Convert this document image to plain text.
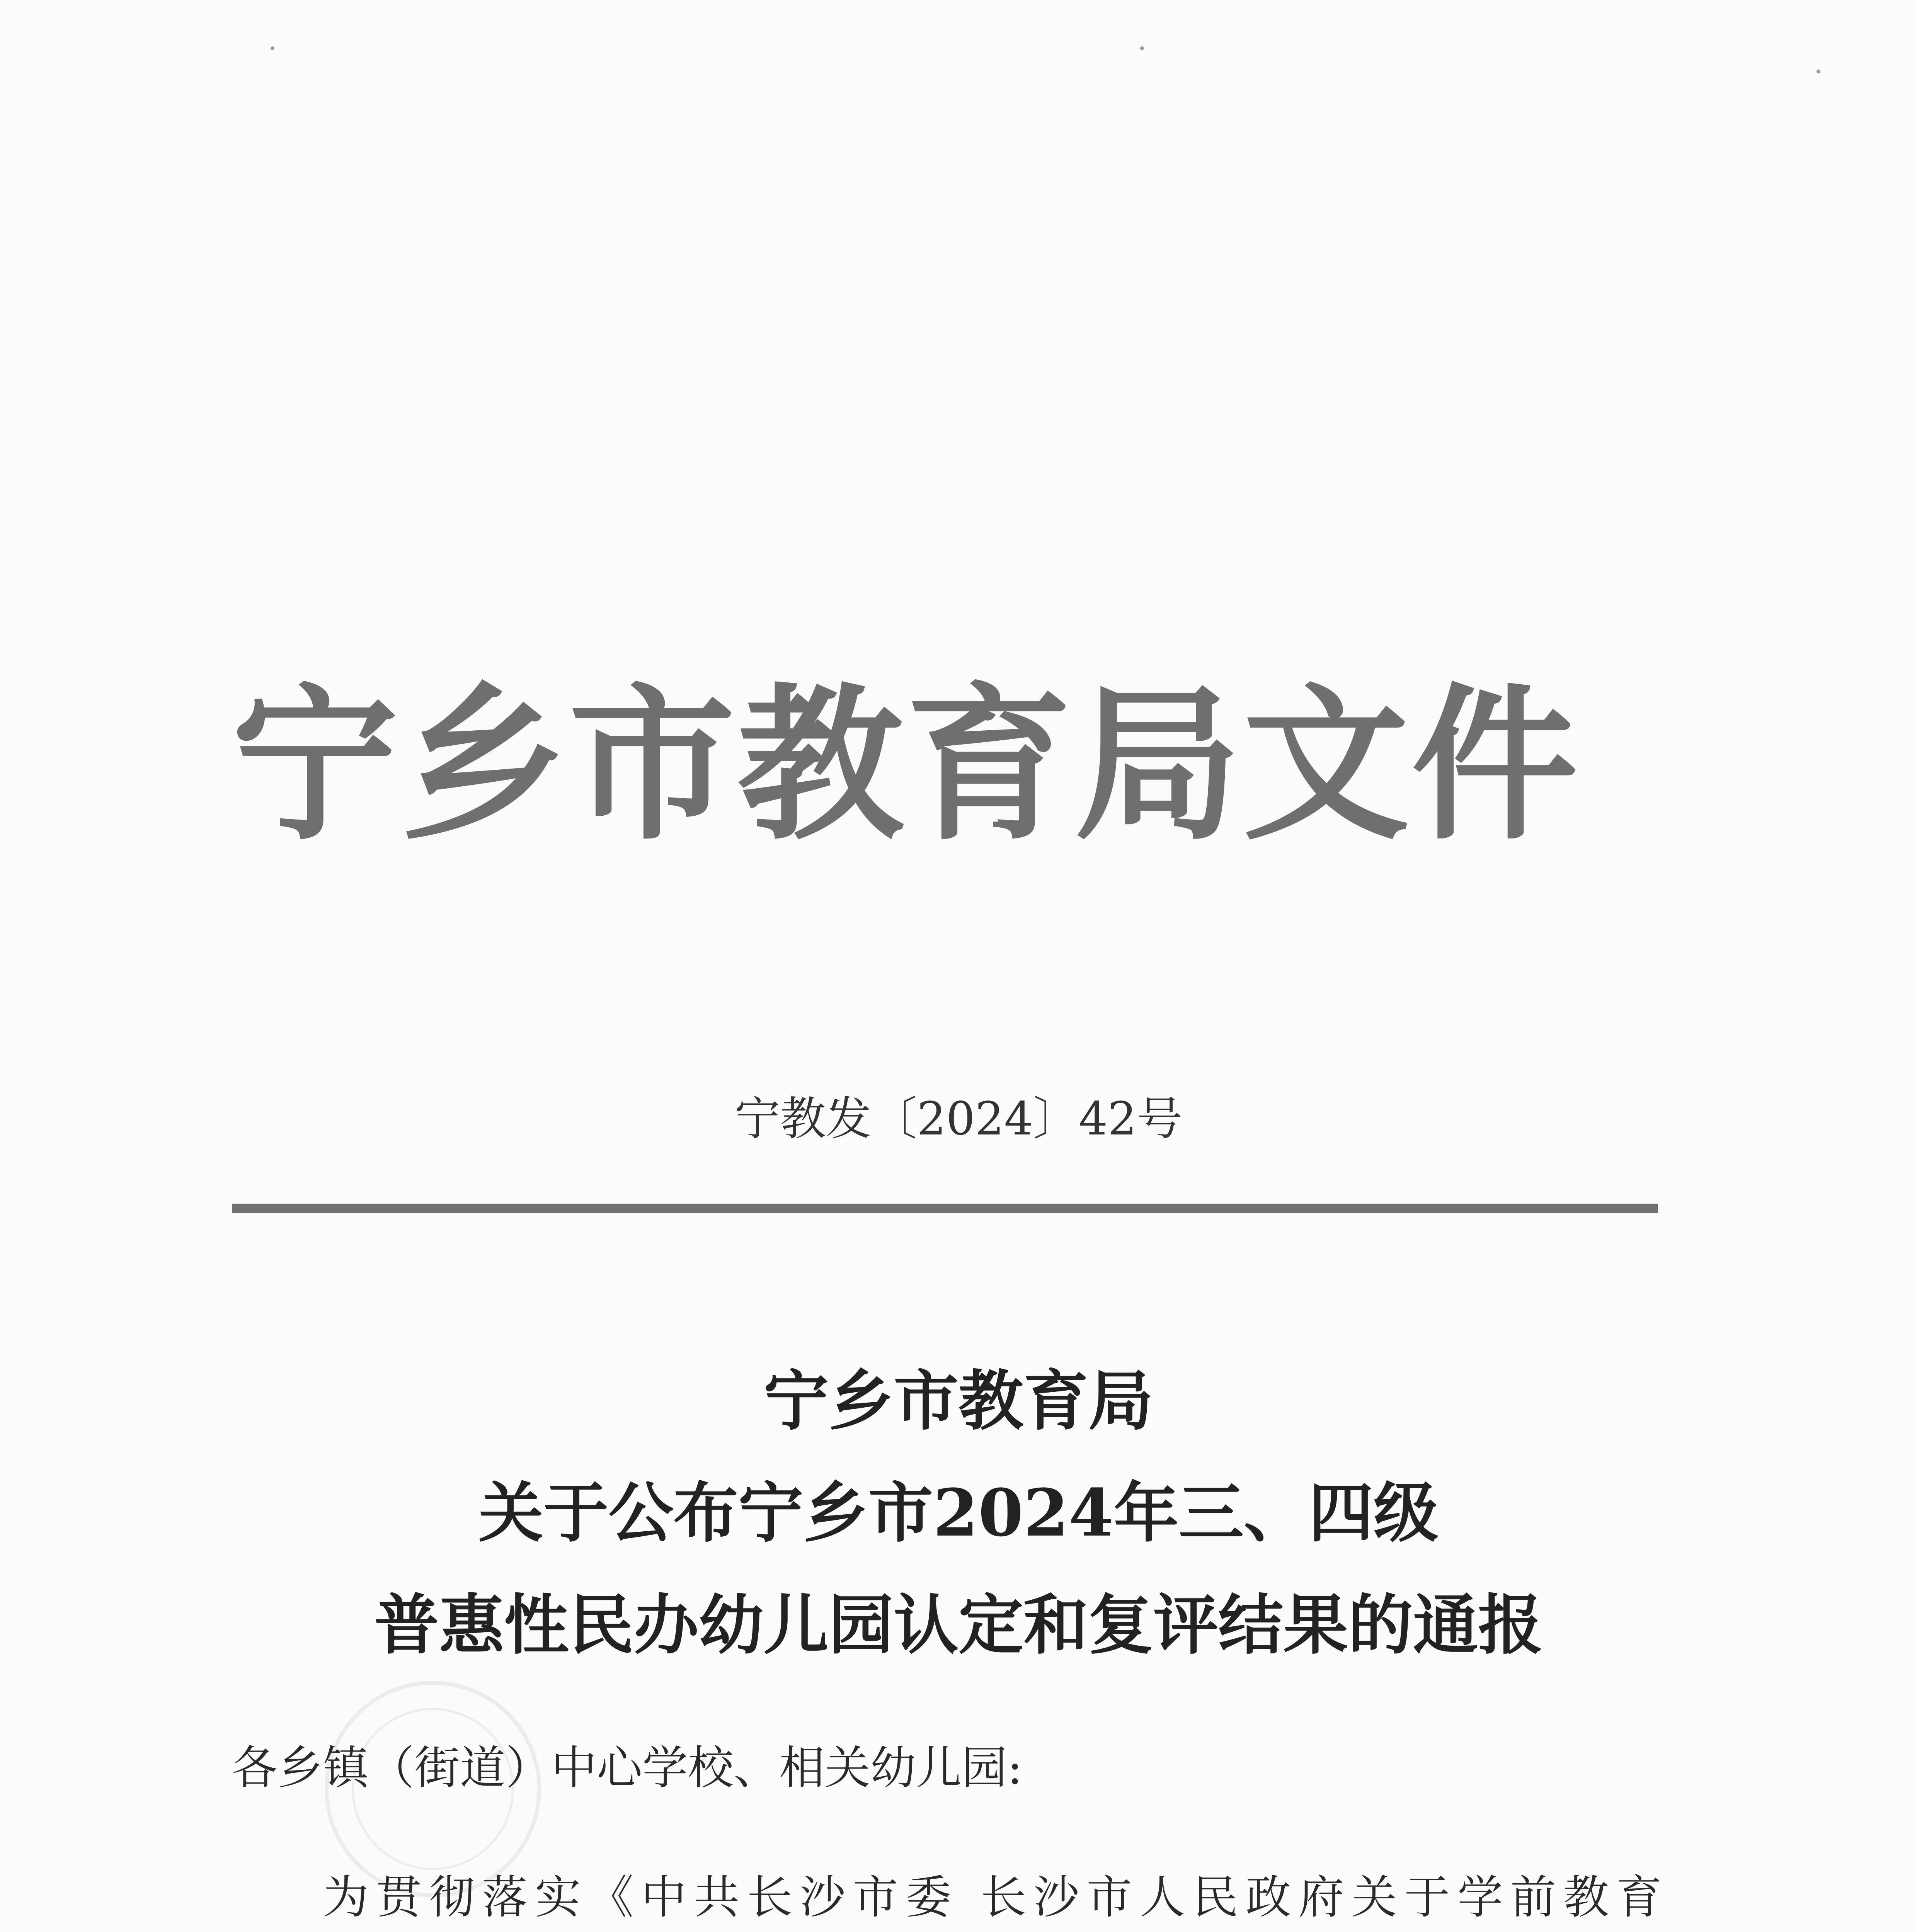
宁乡市教育局文件
宁教发〔2024〕42号
宁乡市教育局
关于公布宁乡市2024年三、四级
普惠性民办幼儿园认定和复评结果的通报
各乡镇（街道）中心学校、相关幼儿园:
为贯彻落实《中共长沙市委 长沙市人民政府关于学前教育
